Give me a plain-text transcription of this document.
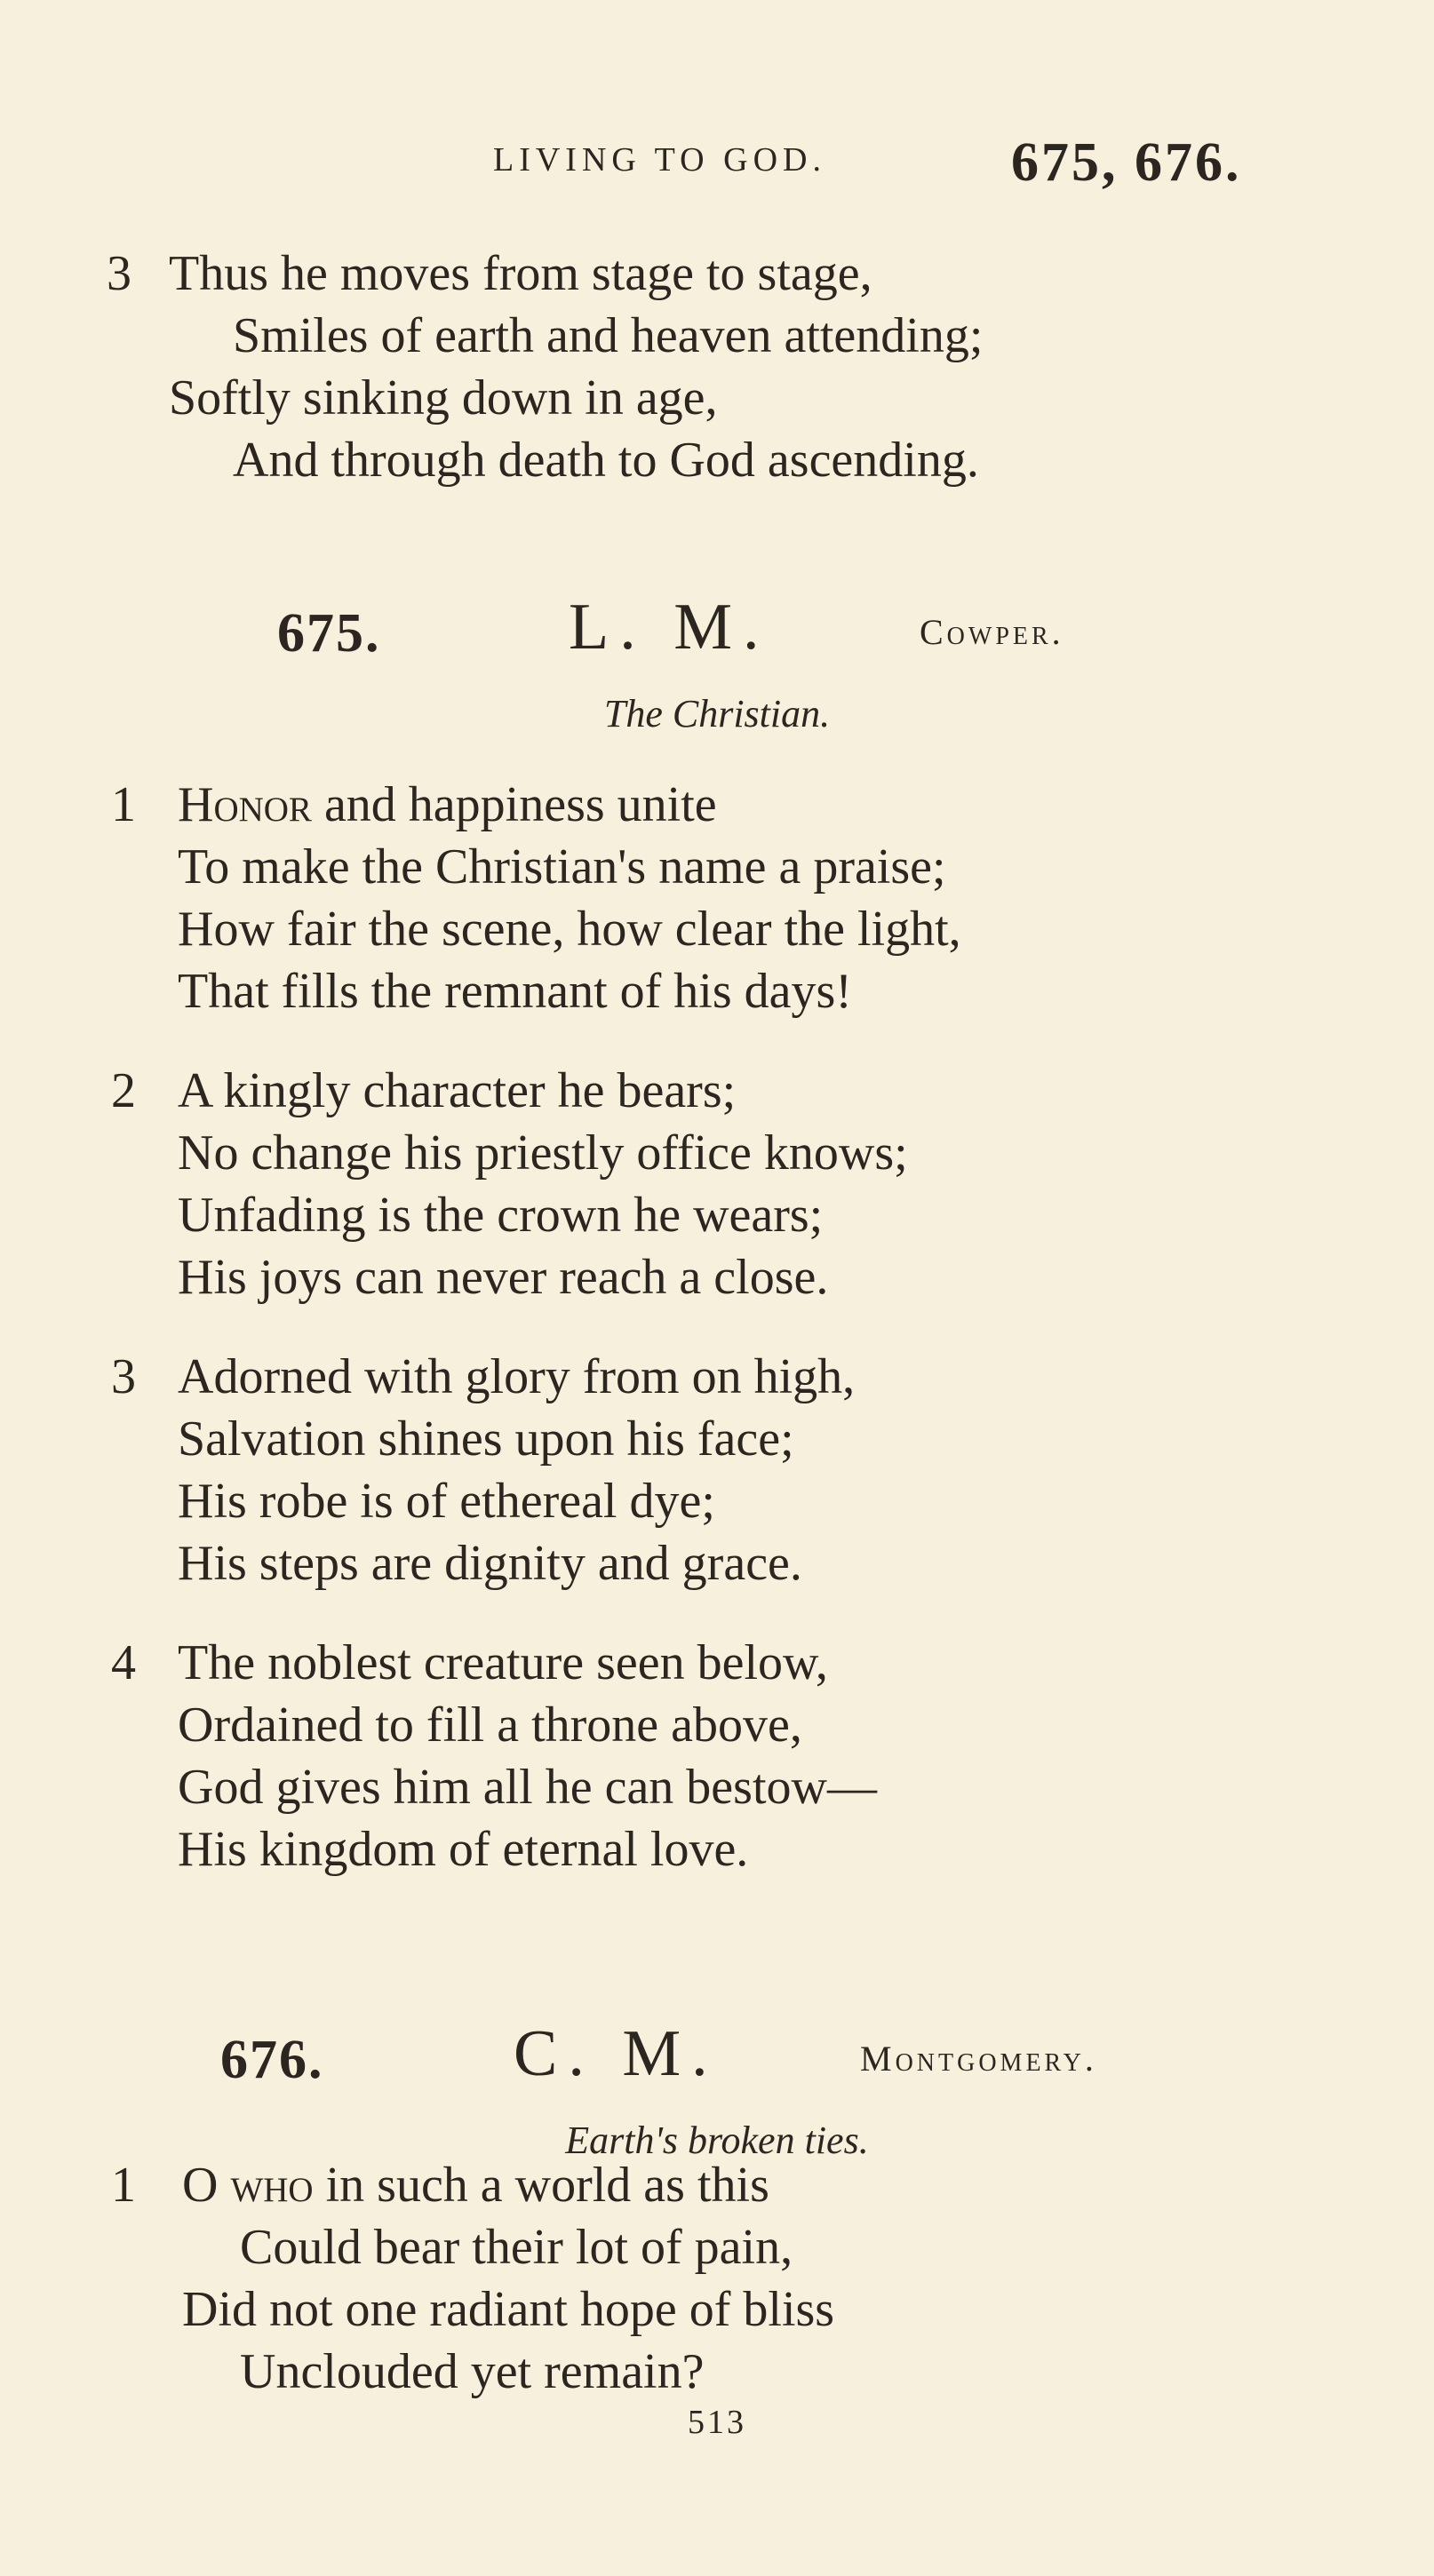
LIVING TO GOD.	675, 676.
3 Thus he moves from stage to stage,
Smiles of earth and heaven attending;
Softly sinking down in age,
And through death to God ascending.
675.	L. M.	Cowper.
The Christian.
1 Honor and happiness unite
To make the Christian's name a praise;
How fair the scene, how clear the light,
That fills the remnant of his days!
2 A kingly character he bears;
No change his priestly office knows;
Unfading is the crown he wears;
His joys can never reach a close.
3 Adorned with glory from on high,
Salvation shines upon his face;
His robe is of ethereal dye;
His steps are dignity and grace.
4 The noblest creature seen below,
Ordained to fill a throne above,
God gives him all he can bestow—
His kingdom of eternal love.
676.	C. M.	Montgomery.
Earth's broken ties.
1 O who in such a world as this
Could bear their lot of pain,
Did not one radiant hope of bliss
Unclouded yet remain?
513
